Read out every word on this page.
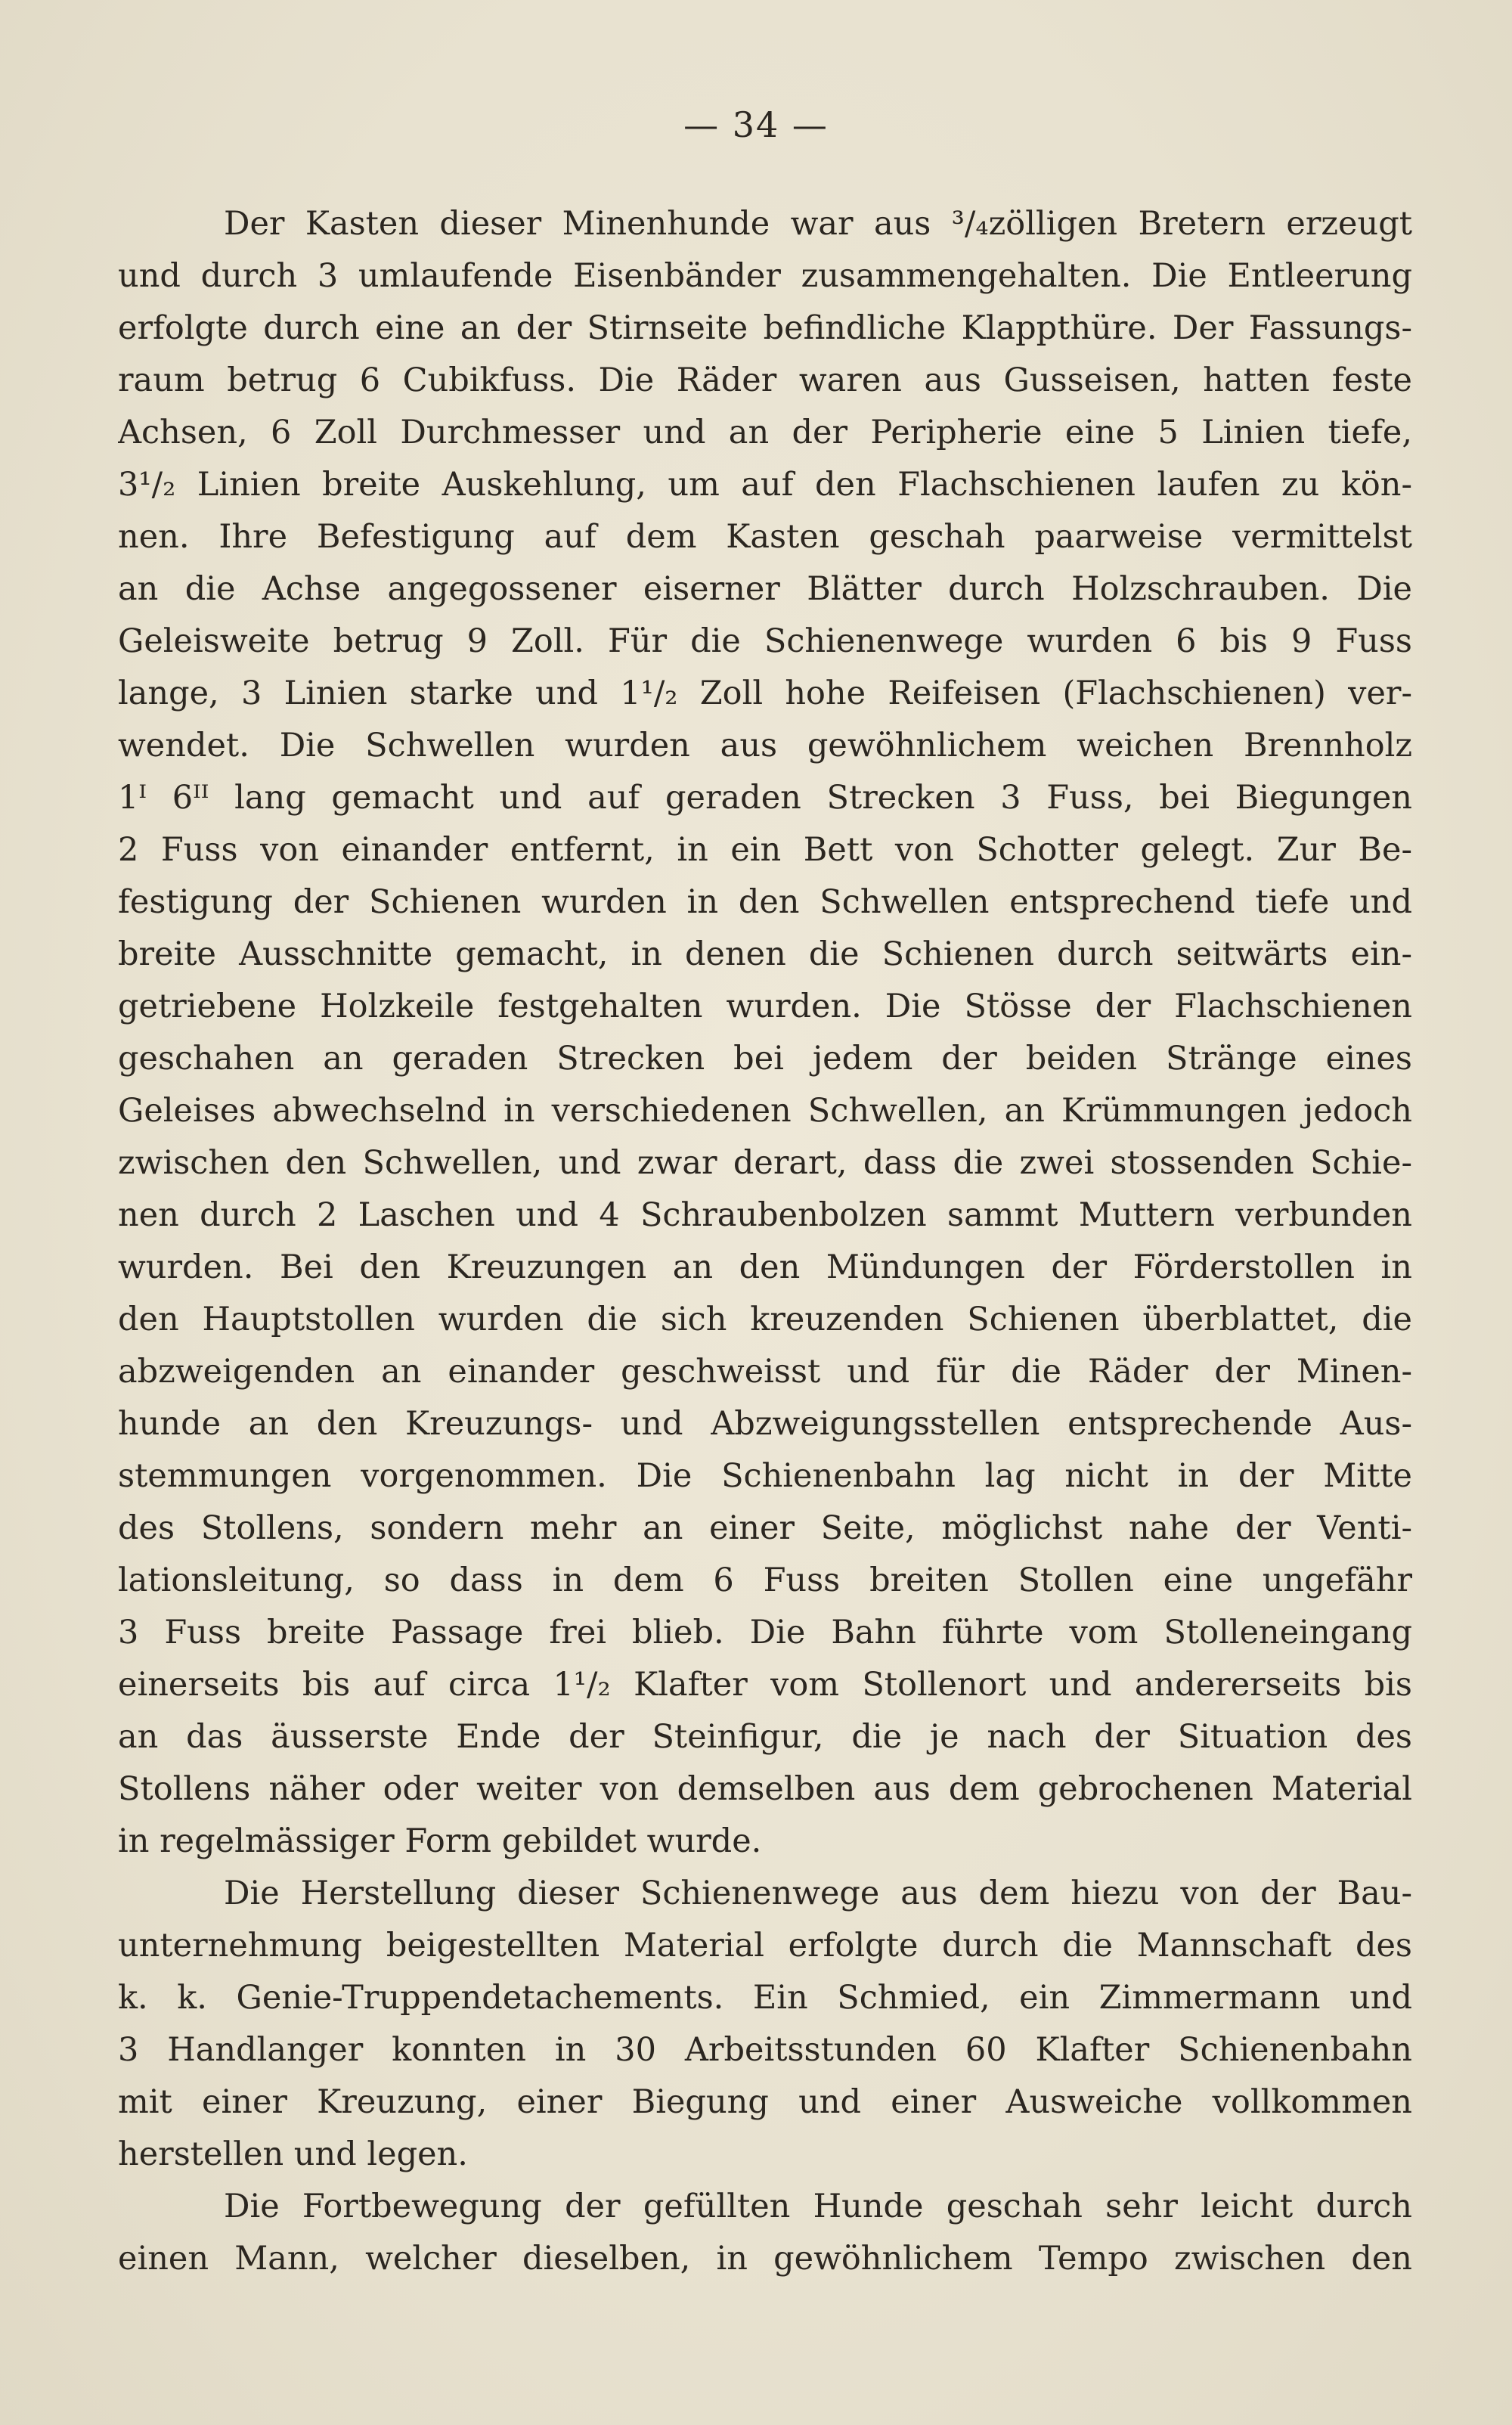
— 34 —
Der Kasten dieser Minenhunde war aus ³/₄zölligen Bretern erzeugt
und durch 3 umlaufende Eisenbänder zusammengehalten. Die Entleerung
erfolgte durch eine an der Stirnseite befindliche Klappthüre. Der Fassungs-
raum betrug 6 Cubikfuss. Die Räder waren aus Gusseisen, hatten feste
Achsen, 6 Zoll Durchmesser und an der Peripherie eine 5 Linien tiefe,
3¹/₂ Linien breite Auskehlung, um auf den Flachschienen laufen zu kön-
nen. Ihre Befestigung auf dem Kasten geschah paarweise vermittelst
an die Achse angegossener eiserner Blätter durch Holzschrauben. Die
Geleisweite betrug 9 Zoll. Für die Schienenwege wurden 6 bis 9 Fuss
lange, 3 Linien starke und 1¹/₂ Zoll hohe Reifeisen (Flachschienen) ver-
wendet. Die Schwellen wurden aus gewöhnlichem weichen Brennholz
1ᴵ 6ᴵᴵ lang gemacht und auf geraden Strecken 3 Fuss, bei Biegungen
2 Fuss von einander entfernt, in ein Bett von Schotter gelegt. Zur Be-
festigung der Schienen wurden in den Schwellen entsprechend tiefe und
breite Ausschnitte gemacht, in denen die Schienen durch seitwärts ein-
getriebene Holzkeile festgehalten wurden. Die Stösse der Flachschienen
geschahen an geraden Strecken bei jedem der beiden Stränge eines
Geleises abwechselnd in verschiedenen Schwellen, an Krümmungen jedoch
zwischen den Schwellen, und zwar derart, dass die zwei stossenden Schie-
nen durch 2 Laschen und 4 Schraubenbolzen sammt Muttern verbunden
wurden. Bei den Kreuzungen an den Mündungen der Förderstollen in
den Hauptstollen wurden die sich kreuzenden Schienen überblattet, die
abzweigenden an einander geschweisst und für die Räder der Minen-
hunde an den Kreuzungs- und Abzweigungsstellen entsprechende Aus-
stemmungen vorgenommen. Die Schienenbahn lag nicht in der Mitte
des Stollens, sondern mehr an einer Seite, möglichst nahe der Venti-
lationsleitung, so dass in dem 6 Fuss breiten Stollen eine ungefähr
3 Fuss breite Passage frei blieb. Die Bahn führte vom Stolleneingang
einerseits bis auf circa 1¹/₂ Klafter vom Stollenort und andererseits bis
an das äusserste Ende der Steinfigur, die je nach der Situation des
Stollens näher oder weiter von demselben aus dem gebrochenen Material
in regelmässiger Form gebildet wurde.
Die Herstellung dieser Schienenwege aus dem hiezu von der Bau-
unternehmung beigestellten Material erfolgte durch die Mannschaft des
k. k. Genie-Truppendetachements. Ein Schmied, ein Zimmermann und
3 Handlanger konnten in 30 Arbeitsstunden 60 Klafter Schienenbahn
mit einer Kreuzung, einer Biegung und einer Ausweiche vollkommen
herstellen und legen.
Die Fortbewegung der gefüllten Hunde geschah sehr leicht durch
einen Mann, welcher dieselben, in gewöhnlichem Tempo zwischen den
